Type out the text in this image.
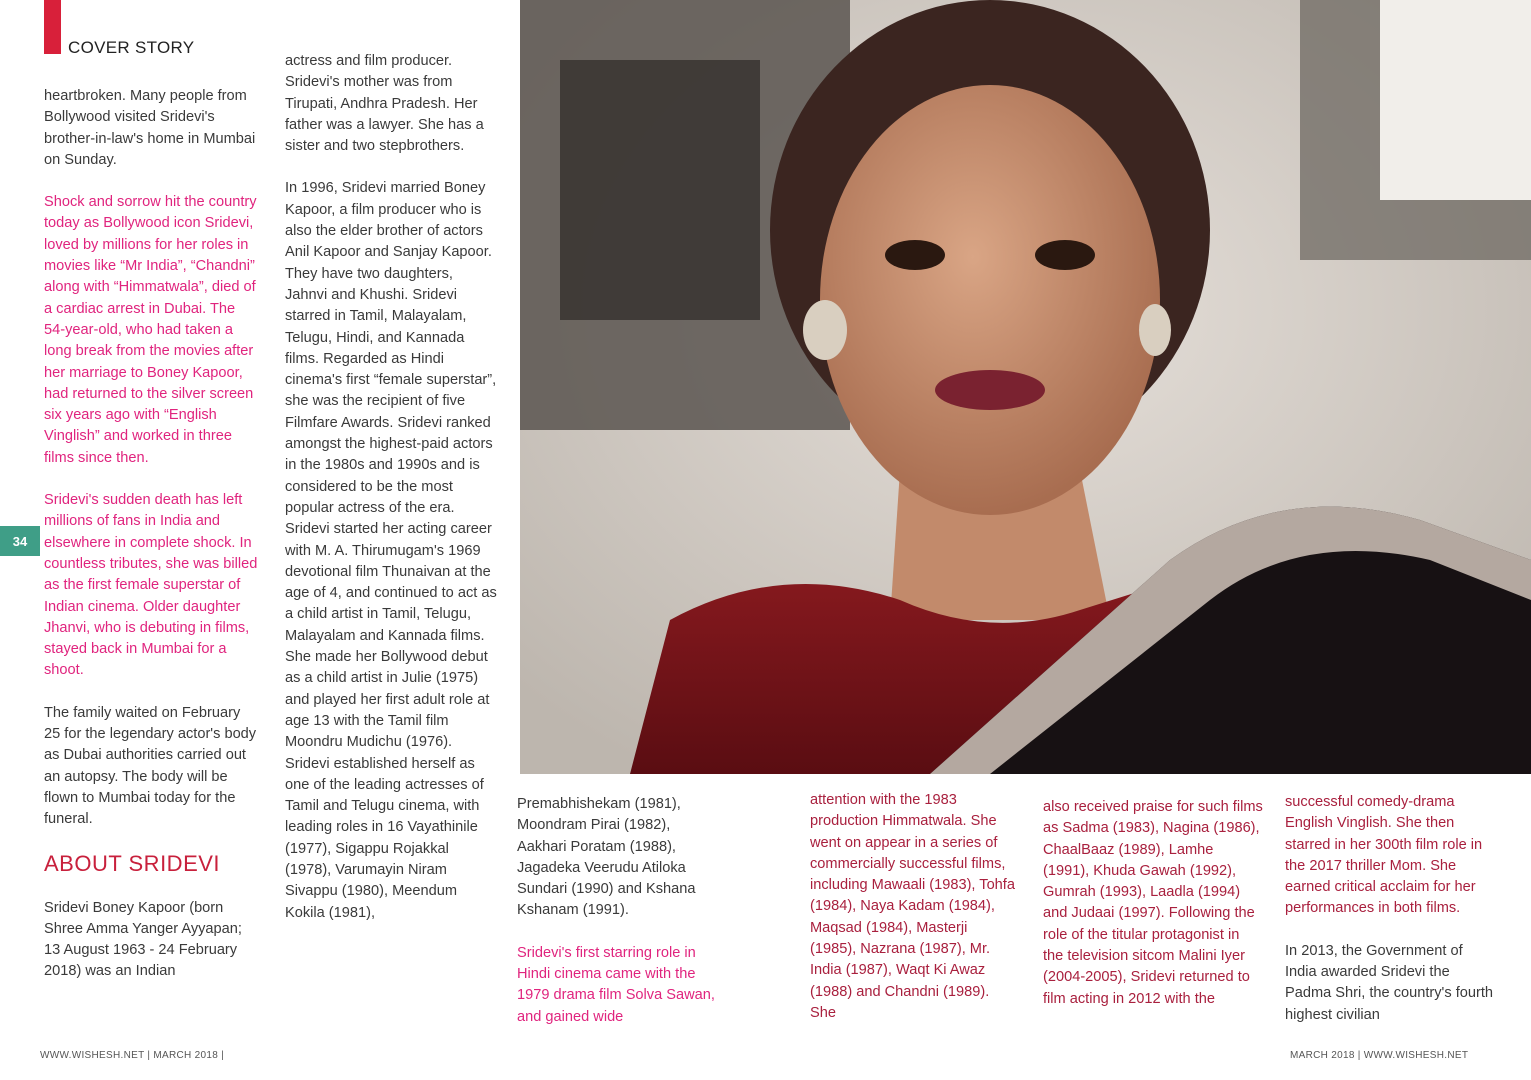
COVER STORY
34

heartbroken. Many people from Bollywood visited Sridevi's brother-in-law's home in Mumbai on Sunday.

Shock and sorrow hit the country today as Bollywood icon Sridevi, loved by millions for her roles in movies like “Mr India”, “Chandni” along with “Himmatwala”, died of a cardiac arrest in Dubai. The 54-year-old, who had taken a long break from the movies after her marriage to Boney Kapoor, had returned to the silver screen six years ago with “English Vinglish” and worked in three films since then.

Sridevi's sudden death has left millions of fans in India and elsewhere in complete shock. In countless tributes, she was billed as the first female superstar of Indian cinema. Older daughter Jhanvi, who is debuting in films, stayed back in Mumbai for a shoot.

The family waited on February 25 for the legendary actor's body as Dubai authorities carried out an autopsy. The body will be flown to Mumbai today for the funeral.

ABOUT SRIDEVI

Sridevi Boney Kapoor (born Shree Amma Yanger Ayyapan; 13 August 1963 - 24 February 2018) was an Indian

actress and film producer. Sridevi's mother was from Tirupati, Andhra Pradesh. Her father was a lawyer. She has a sister and two stepbrothers.

In 1996, Sridevi married Boney Kapoor, a film producer who is also the elder brother of actors Anil Kapoor and Sanjay Kapoor. They have two daughters, Jahnvi and Khushi. Sridevi starred in Tamil, Malayalam, Telugu, Hindi, and Kannada films. Regarded as Hindi cinema's first “female superstar”, she was the recipient of five Filmfare Awards. Sridevi ranked amongst the highest-paid actors in the 1980s and 1990s and is considered to be the most popular actress of the era. Sridevi started her acting career with M. A. Thirumugam's 1969 devotional film Thunaivan at the age of 4, and continued to act as a child artist in Tamil, Telugu, Malayalam and Kannada films. She made her Bollywood debut as a child artist in Julie (1975) and played her first adult role at age 13 with the Tamil film Moondru Mudichu (1976). Sridevi established herself as one of the leading actresses of Tamil and Telugu cinema, with leading roles in 16 Vayathinile (1977), Sigappu Rojakkal (1978), Varumayin Niram Sivappu (1980), Meendum Kokila (1981),

Premabhishekam (1981), Moondram Pirai (1982), Aakhari Poratam (1988), Jagadeka Veerudu Atiloka Sundari (1990) and Kshana Kshanam (1991).

Sridevi's first starring role in Hindi cinema came with the 1979 drama film Solva Sawan, and gained wide

attention with the 1983 production Himmatwala. She went on appear in a series of commercially successful films, including Mawaali (1983), Tohfa (1984), Naya Kadam (1984), Maqsad (1984), Masterji (1985), Nazrana (1987), Mr. India (1987), Waqt Ki Awaz (1988) and Chandni (1989). She

also received praise for such films as Sadma (1983), Nagina (1986), ChaalBaaz (1989), Lamhe (1991), Khuda Gawah (1992), Gumrah (1993), Laadla (1994) and Judaai (1997). Following the role of the titular protagonist in the television sitcom Malini Iyer (2004-2005), Sridevi returned to film acting in 2012 with the

successful comedy-drama English Vinglish. She then starred in her 300th film role in the 2017 thriller Mom. She earned critical acclaim for her performances in both films.

In 2013, the Government of India awarded Sridevi the Padma Shri, the country's fourth highest civilian

WWW.WISHESH.NET | MARCH 2018 |	MARCH 2018 | WWW.WISHESH.NET
